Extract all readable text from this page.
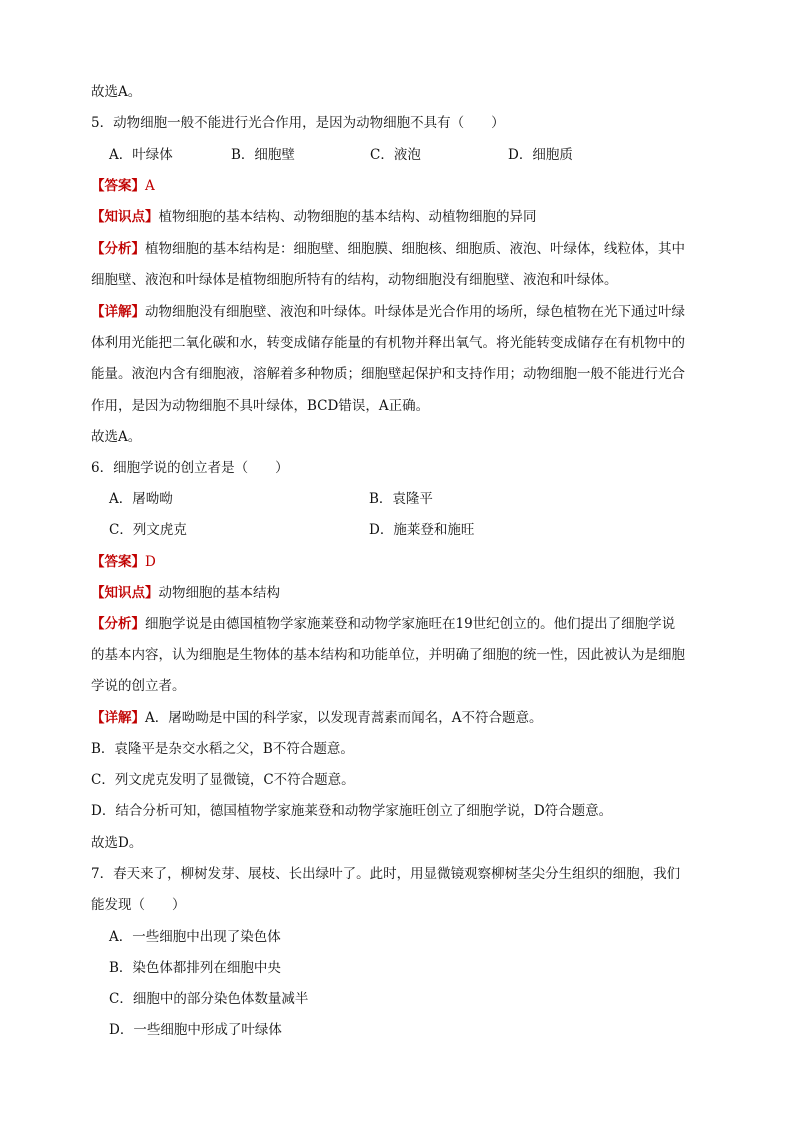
故选A。
5．动物细胞一般不能进行光合作用，是因为动物细胞不具有（　　）
A．叶绿体	B．细胞壁	C．液泡	D．细胞质
【答案】A
【知识点】植物细胞的基本结构、动物细胞的基本结构、动植物细胞的异同
【分析】植物细胞的基本结构是：细胞壁、细胞膜、细胞核、细胞质、液泡、叶绿体，线粒体，其中
细胞壁、液泡和叶绿体是植物细胞所特有的结构，动物细胞没有细胞壁、液泡和叶绿体。
【详解】动物细胞没有细胞壁、液泡和叶绿体。叶绿体是光合作用的场所，绿色植物在光下通过叶绿
体利用光能把二氧化碳和水，转变成储存能量的有机物并释出氧气。将光能转变成储存在有机物中的
能量。液泡内含有细胞液，溶解着多种物质；细胞壁起保护和支持作用；动物细胞一般不能进行光合
作用，是因为动物细胞不具叶绿体，BCD错误，A正确。
故选A。
6．细胞学说的创立者是（　　）
A．屠呦呦	B．袁隆平
C．列文虎克	D．施莱登和施旺
【答案】D
【知识点】动物细胞的基本结构
【分析】细胞学说是由德国植物学家施莱登和动物学家施旺在19世纪创立的。他们提出了细胞学说
的基本内容，认为细胞是生物体的基本结构和功能单位，并明确了细胞的统一性，因此被认为是细胞
学说的创立者。
【详解】A．屠呦呦是中国的科学家，以发现青蒿素而闻名，A不符合题意。
B．袁隆平是杂交水稻之父，B不符合题意。
C．列文虎克发明了显微镜，C不符合题意。
D．结合分析可知，德国植物学家施莱登和动物学家施旺创立了细胞学说，D符合题意。
故选D。
7．春天来了，柳树发芽、展枝、长出绿叶了。此时，用显微镜观察柳树茎尖分生组织的细胞，我们
能发现（　　）
A．一些细胞中出现了染色体
B．染色体都排列在细胞中央
C．细胞中的部分染色体数量减半
D．一些细胞中形成了叶绿体
